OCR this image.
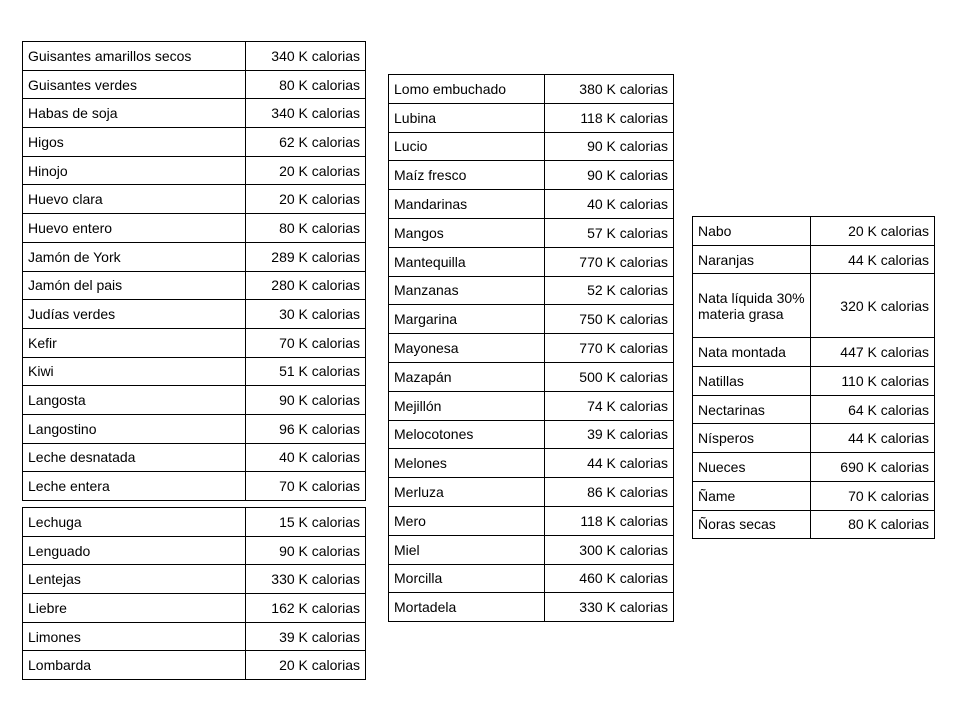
Guisantes amarillos secos	340 K calorias
Guisantes verdes	80 K calorias
Habas de soja	340 K calorias
Higos	62 K calorias
Hinojo	20 K calorias
Huevo clara	20 K calorias
Huevo entero	80 K calorias
Jamón de York	289 K calorias
Jamón del pais	280 K calorias
Judías verdes	30 K calorias
Kefir	70 K calorias
Kiwi	51 K calorias
Langosta	90 K calorias
Langostino	96 K calorias
Leche desnatada	40 K calorias
Leche entera	70 K calorias
Lechuga	15 K calorias
Lenguado	90 K calorias
Lentejas	330 K calorias
Liebre	162 K calorias
Limones	39 K calorias
Lombarda	20 K calorias
Lomo embuchado	380 K calorias
Lubina	118 K calorias
Lucio	90 K calorias
Maíz fresco	90 K calorias
Mandarinas	40 K calorias
Mangos	57 K calorias
Mantequilla	770 K calorias
Manzanas	52 K calorias
Margarina	750 K calorias
Mayonesa	770 K calorias
Mazapán	500 K calorias
Mejillón	74 K calorias
Melocotones	39 K calorias
Melones	44 K calorias
Merluza	86 K calorias
Mero	118 K calorias
Miel	300 K calorias
Morcilla	460 K calorias
Mortadela	330 K calorias
Nabo	20 K calorias
Naranjas	44 K calorias
Nata líquida 30% materia grasa	320 K calorias
Nata montada	447 K calorias
Natillas	110 K calorias
Nectarinas	64 K calorias
Nísperos	44 K calorias
Nueces	690 K calorias
Ñame	70 K calorias
Ñoras secas	80 K calorias
